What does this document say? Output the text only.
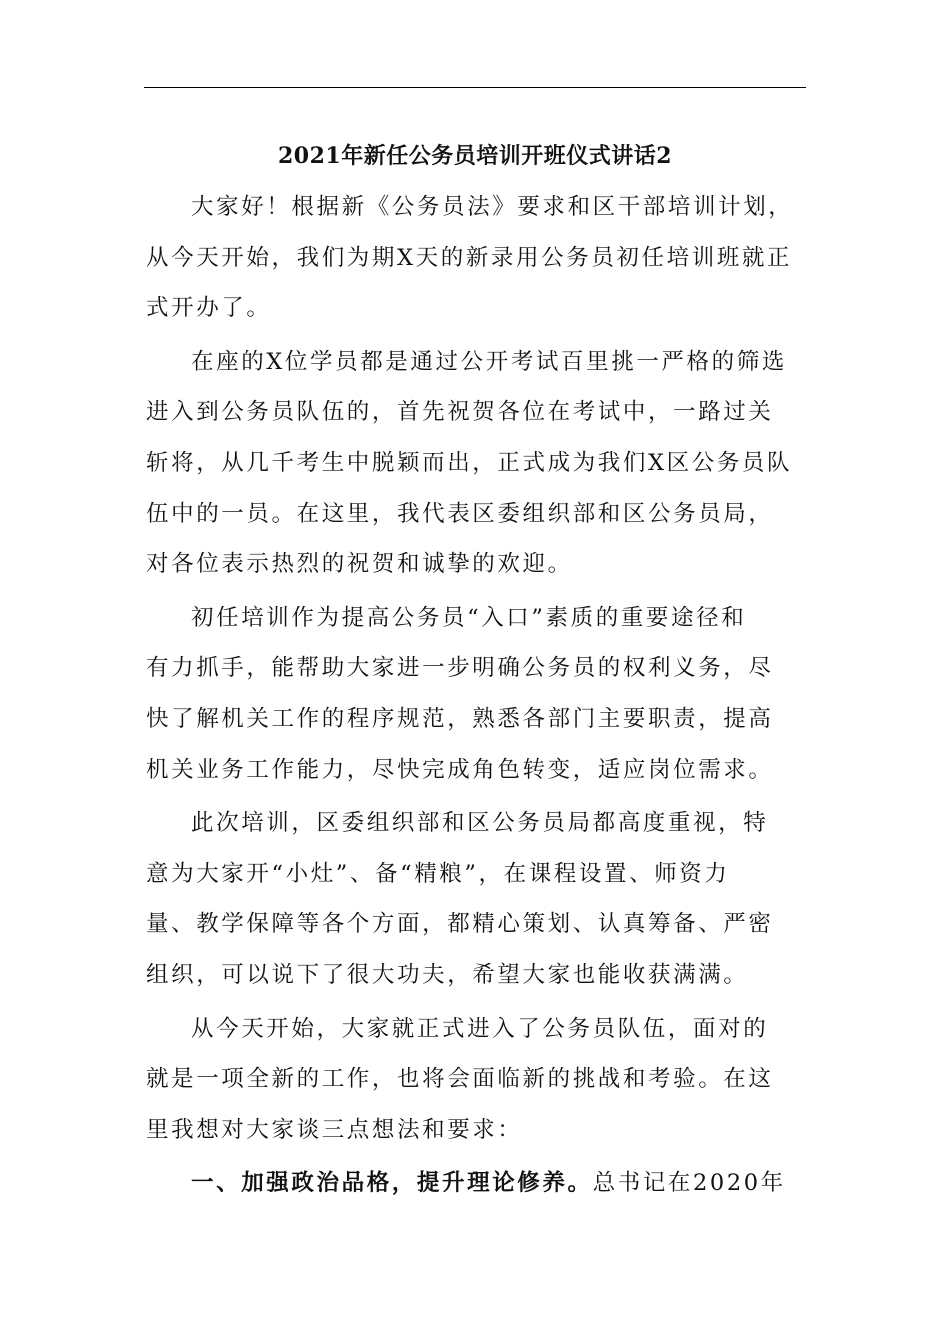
2021年新任公务员培训开班仪式讲话2

大家好！根据新《公务员法》要求和区干部培训计划，
从今天开始，我们为期X天的新录用公务员初任培训班就正
式开办了。

在座的X位学员都是通过公开考试百里挑一严格的筛选
进入到公务员队伍的，首先祝贺各位在考试中，一路过关
斩将，从几千考生中脱颖而出，正式成为我们X区公务员队
伍中的一员。在这里，我代表区委组织部和区公务员局，
对各位表示热烈的祝贺和诚挚的欢迎。

初任培训作为提高公务员“入口”素质的重要途径和
有力抓手，能帮助大家进一步明确公务员的权利义务，尽
快了解机关工作的程序规范，熟悉各部门主要职责，提高
机关业务工作能力，尽快完成角色转变，适应岗位需求。

此次培训，区委组织部和区公务员局都高度重视，特
意为大家开“小灶”、备“精粮”，在课程设置、师资力
量、教学保障等各个方面，都精心策划、认真筹备、严密
组织，可以说下了很大功夫，希望大家也能收获满满。

从今天开始，大家就正式进入了公务员队伍，面对的
就是一项全新的工作，也将会面临新的挑战和考验。在这
里我想对大家谈三点想法和要求：

一、加强政治品格，提升理论修养。总书记在2020年
